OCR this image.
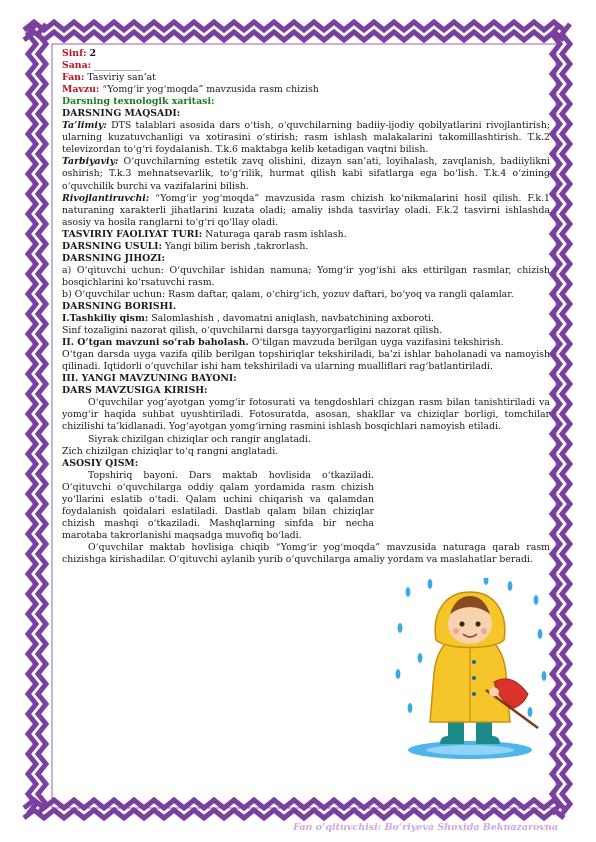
Sinf: 2

Sana: __________

Fan: Tasviriy san’at

Mavzu: “Yomg‘ir yog‘moqda” mavzusida rasm chizish

Darsning texnologik xaritasi:

DARSNING MAQSADI:

Ta’limiy: DTS talablari asosida dars o‘tish, o‘quvchilarning badiiy-ijodiy qobilyatlarini rivojlantirish; ularning kuzatuvchanligi va xotirasini o‘stirish; rasm ishlash malakalarini takomillashtirish. T.k.2 televizordan to‘g‘ri foydalanish. T.k.6 maktabga kelib ketadigan vaqtni bilish.

Tarbiyaviy: O‘quvchilarning estetik zavq olishini, dizayn san’ati, loyihalash, zavqlanish, badiiylikni oshirish; T.k.3 mehnatsevarlik, to‘g‘rilik, hurmat qilish kabi sifatlarga ega bo‘lish. T.k.4 o‘zining o‘quvchilik burchi va vazifalarini bilish.

Rivojlantiruvchi: “Yomg‘ir yog‘moqda” mavzusida rasm chizish ko‘nikmalarini hosil qilish. F.k.1 naturaning xarakterli jihatlarini kuzata oladi; amaliy ishda tasvirlay oladi. F.k.2 tasvirni ishlashda asosiy va hosila ranglarni to‘g‘ri qo‘llay oladi.

TASVIRIY FAOLIYAT TURI: Naturaga qarab rasm ishlash.

DARSNING USULI: Yangi bilim berish ,takrorlash.

DARSNING JIHOZI:

a) O‘qituvchi uchun: O‘quvchilar ishidan namuna; Yomg‘ir yog‘ishi aks ettirilgan rasmlar, chizish bosqichlarini ko‘rsatuvchi rasm.

b) O‘quvchilar uchun: Rasm daftar, qalam, o‘chirg‘ich, yozuv daftari, bo‘yoq va rangli qalamlar.

DARSNING BORISHI.

I.Tashkiliy qism: Salomlashish , davomatni aniqlash, navbatchining axboroti.

Sinf tozaligini nazorat qilish, o‘quvchilarni darsga tayyorgarligini nazorat qilish.

II. O‘tgan mavzuni so‘rab baholash. O‘tilgan mavzuda berilgan uyga vazifasini tekshirish.

O‘tgan darsda uyga vazifa qilib berilgan topshiriqlar tekshiriladi, ba’zi ishlar baholanadi va namoyish qilinadi. Iqtidorli o‘quvchilar ishi ham tekshiriladi va ularning mualliflari rag‘batlantiriladi.

III. YANGI MAVZUNING BAYONI:

DARS MAVZUSIGA KIRISH:

O‘quvchilar yog‘ayotgan yomg‘ir fotosurati va tengdoshlari chizgan rasm bilan tanishtiriladi va yomg‘ir haqida suhbat uyushtiriladi. Fotosuratda, asosan, shakllar va chiziqlar borligi, tomchilar chizilishi ta’kidlanadi. Yog‘ayotgan yomg‘irning rasmini ishlash bosqichlari namoyish etiladi.

Siyrak chizilgan chiziqlar och rangir anglatadi.

Zich chizilgan chiziqlar to‘q rangni anglatadi.

ASOSIY QISM:

Topshiriq bayoni. Dars maktab hovlisida o‘tkaziladi. O‘qituvchi o‘quvchilarga oddiy qalam yordamida rasm chizish yo‘llarini eslatib o‘tadi. Qalam uchini chiqarish va qalamdan foydalanish qoidalari eslatiladi. Dastlab qalam bilan chiziqlar chizish mashqi o‘tkaziladi. Mashqlarning sinfda bir necha marotaba takrorlanishi maqsadga muvofiq bo‘ladi.

O‘quvchilar maktab hovlisiga chiqib “Yomg‘ir yog‘moqda” mavzusida naturaga qarab rasm chizishga kirishadilar. O‘qituvchi aylanib yurib o‘quvchilarga amaliy yordam va maslahatlar beradi.

Fan o’qituvchisi: Bo’riyeva Shoxida Beknazarovna
